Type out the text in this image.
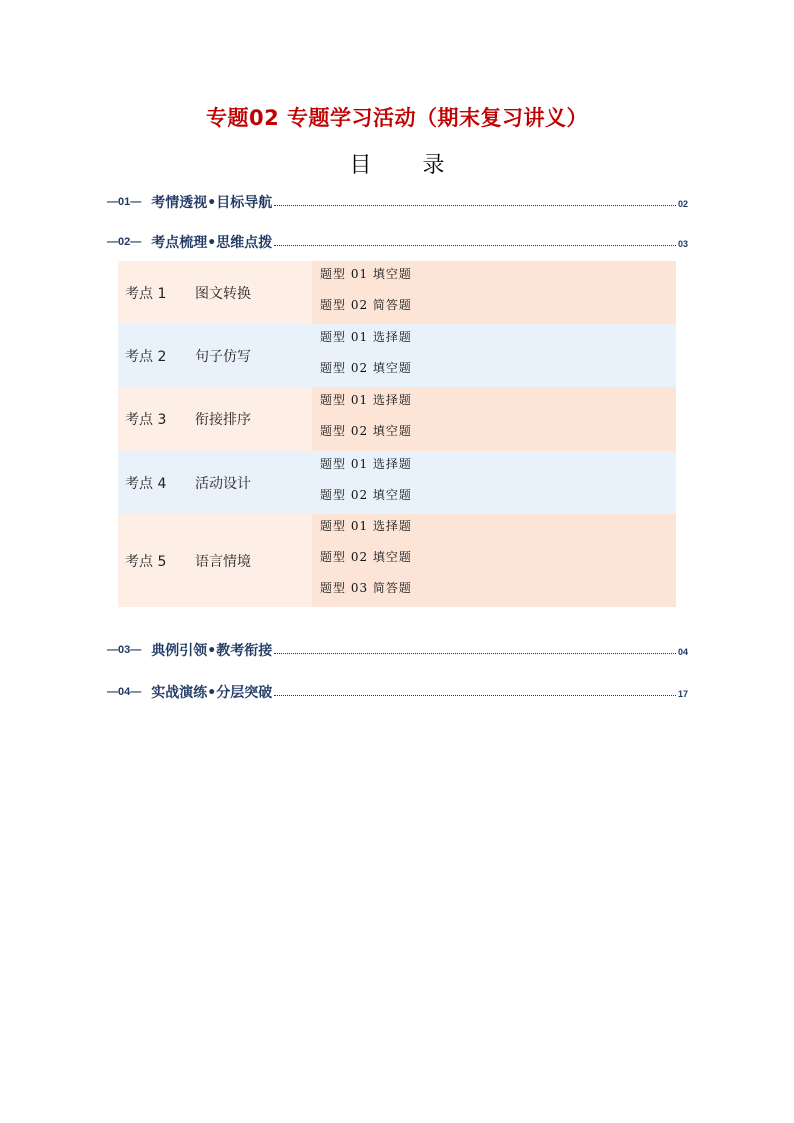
专题02 专题学习活动（期末复习讲义）
目 录
—01— 考情透视•目标导航	02
—02— 考点梳理•思维点拨	03
考点 1	图文转换
题型 01 填空题
题型 02 简答题
考点 2	句子仿写
题型 01 选择题
题型 02 填空题
考点 3	衔接排序
题型 01 选择题
题型 02 填空题
考点 4	活动设计
题型 01 选择题
题型 02 填空题
考点 5	语言情境
题型 01 选择题
题型 02 填空题
题型 03 简答题
—03— 典例引领•教考衔接	04
—04— 实战演练•分层突破	17
